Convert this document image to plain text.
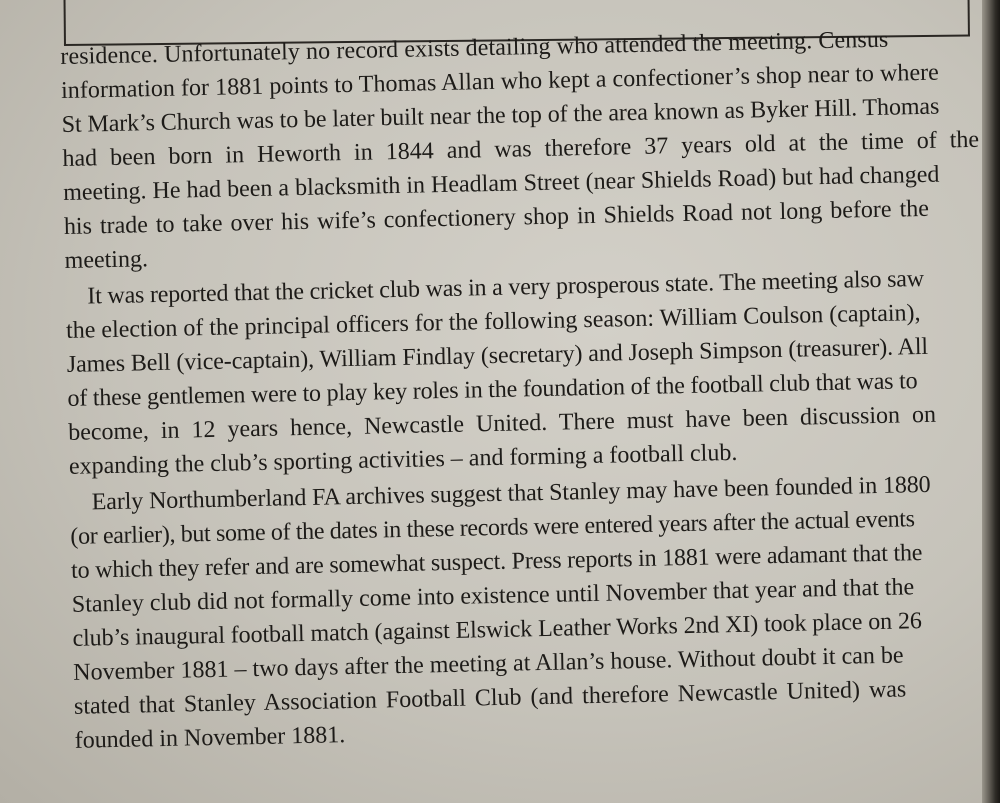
residence. Unfortunately no record exists detailing who attended the meeting. Census
information for 1881 points to Thomas Allan who kept a confectioner’s shop near to where
St Mark’s Church was to be later built near the top of the area known as Byker Hill. Thomas
had been born in Heworth in 1844 and was therefore 37 years old at the time of the
meeting. He had been a blacksmith in Headlam Street (near Shields Road) but had changed
his trade to take over his wife’s confectionery shop in Shields Road not long before the
meeting.
It was reported that the cricket club was in a very prosperous state. The meeting also saw
the election of the principal officers for the following season: William Coulson (captain),
James Bell (vice-captain), William Findlay (secretary) and Joseph Simpson (treasurer). All
of these gentlemen were to play key roles in the foundation of the football club that was to
become, in 12 years hence, Newcastle United. There must have been discussion on
expanding the club’s sporting activities – and forming a football club.
Early Northumberland FA archives suggest that Stanley may have been founded in 1880
(or earlier), but some of the dates in these records were entered years after the actual events
to which they refer and are somewhat suspect. Press reports in 1881 were adamant that the
Stanley club did not formally come into existence until November that year and that the
club’s inaugural football match (against Elswick Leather Works 2nd XI) took place on 26
November 1881 – two days after the meeting at Allan’s house. Without doubt it can be
stated that Stanley Association Football Club (and therefore Newcastle United) was
founded in November 1881.
